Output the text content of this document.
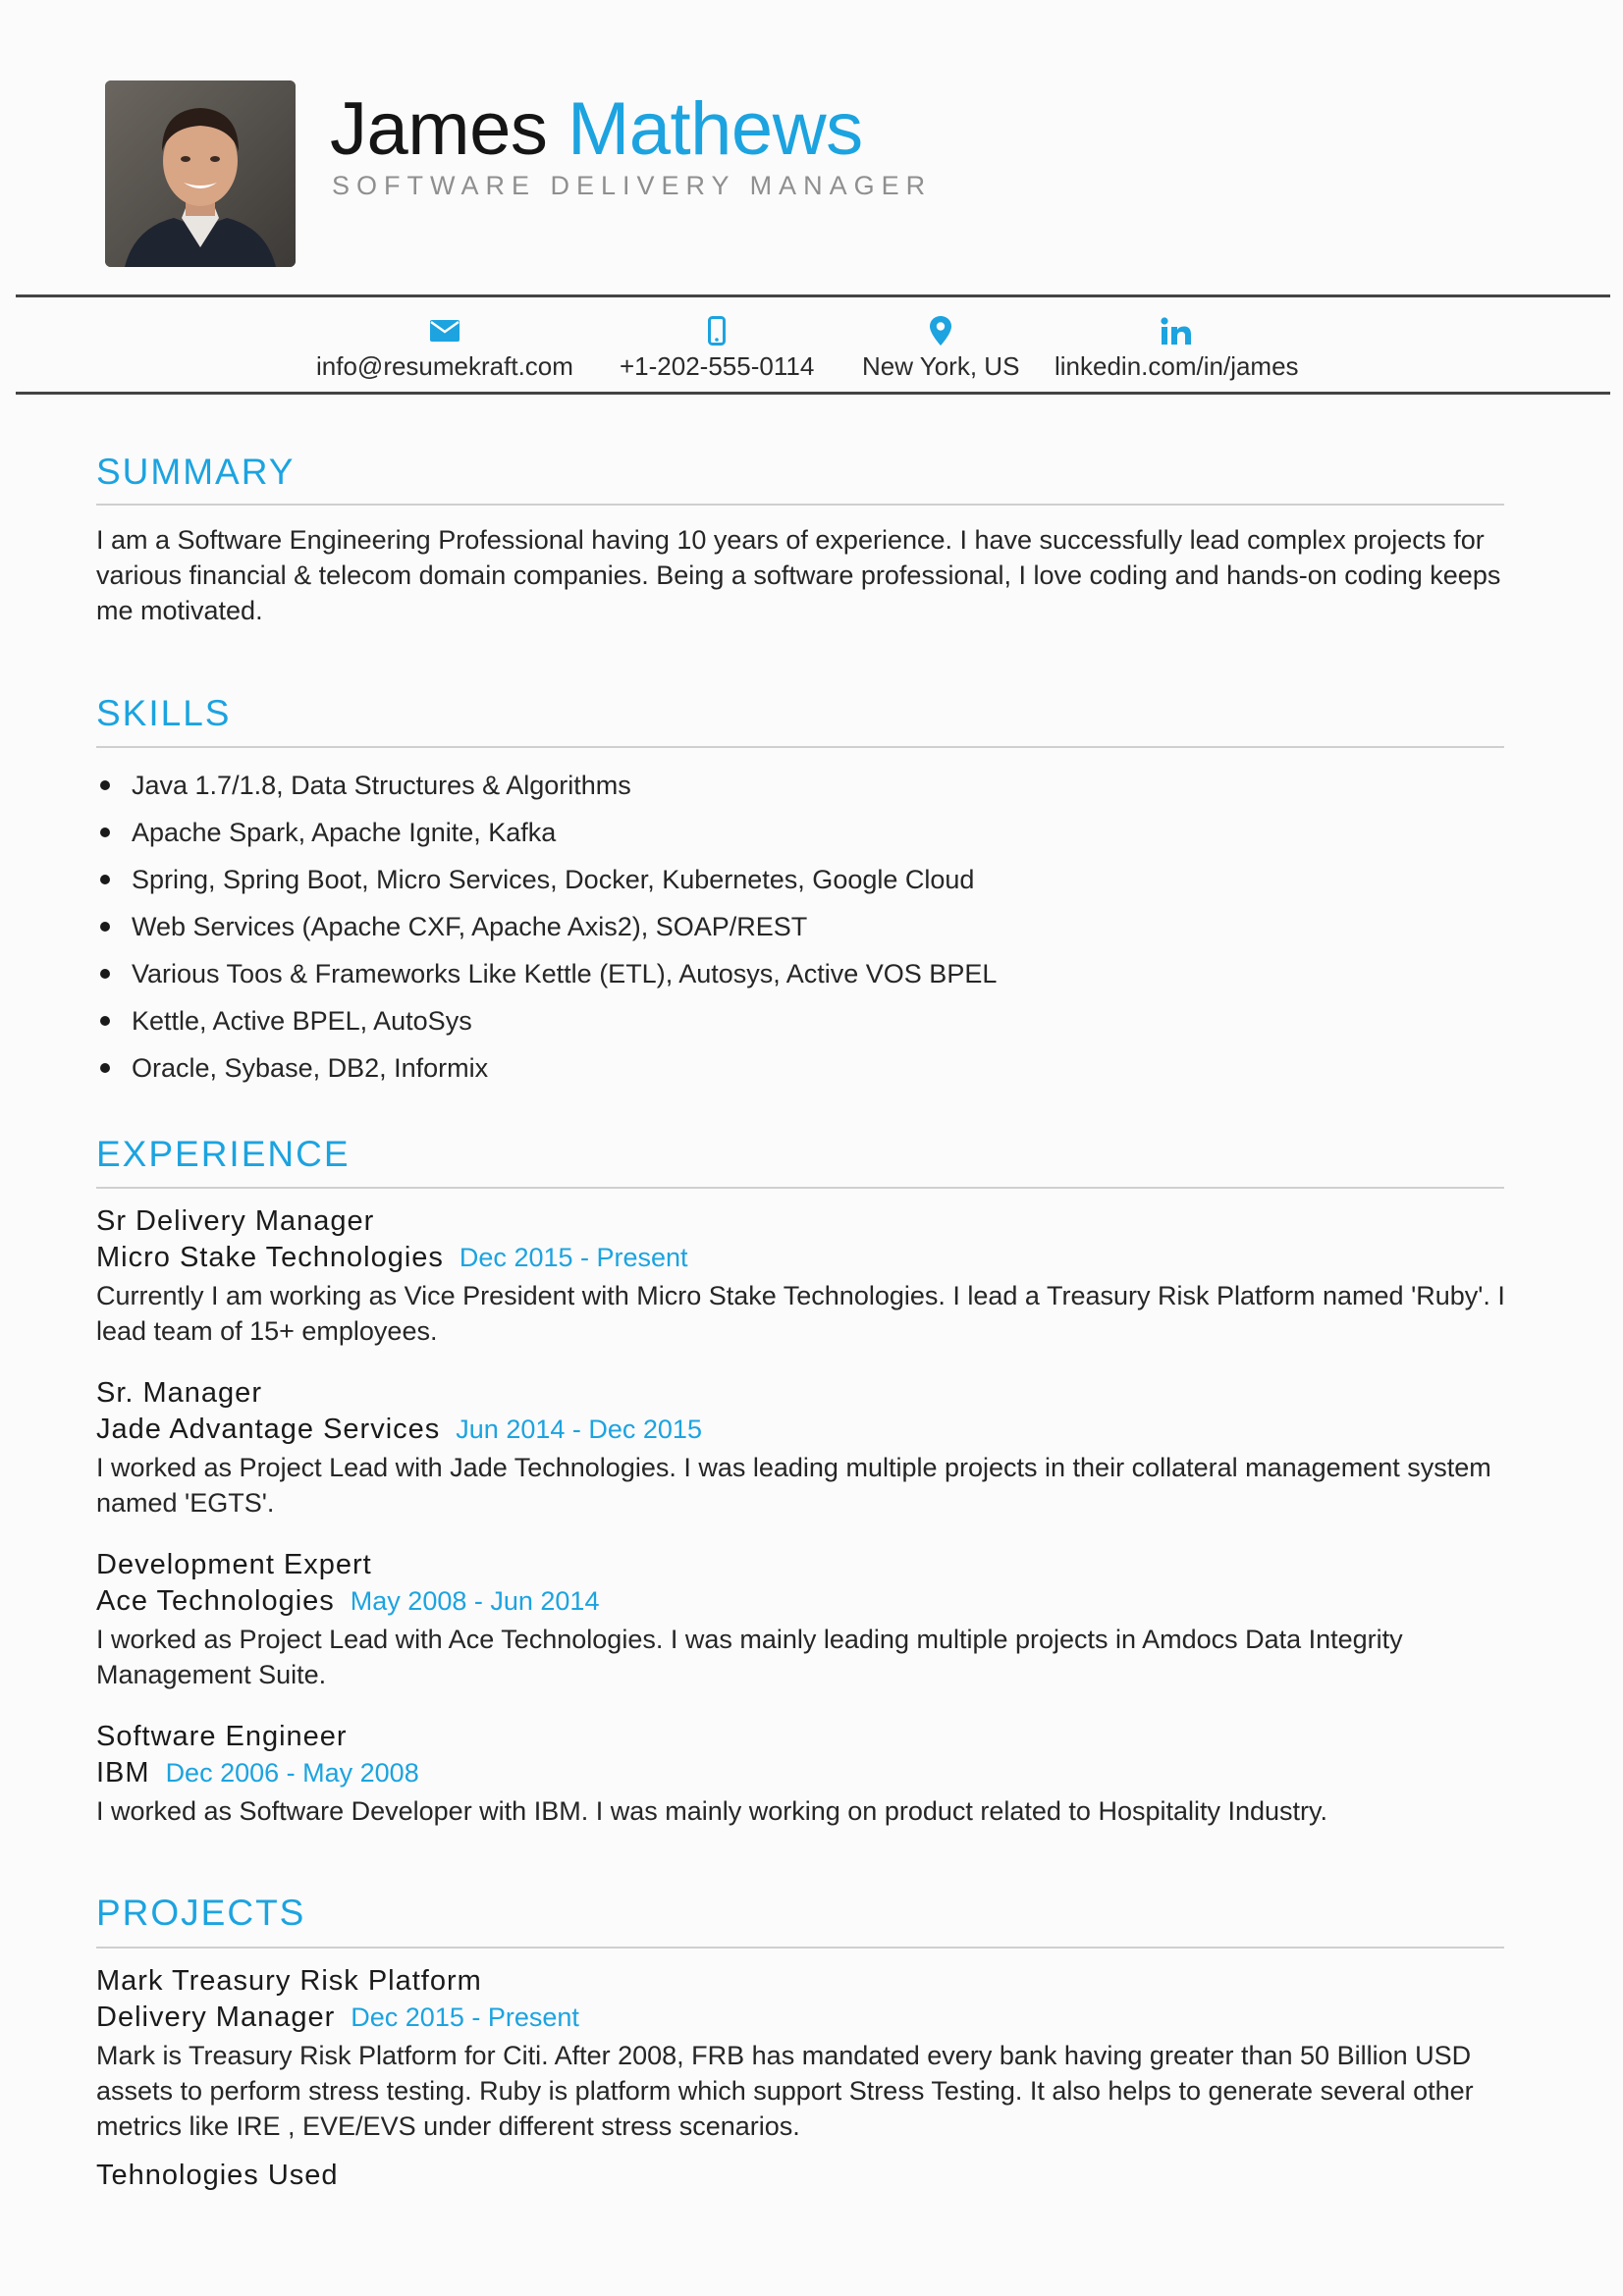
James Mathews
SOFTWARE DELIVERY MANAGER
info@resumekraft.com +1-202-555-0114 New York, US linkedin.com/in/james
SUMMARY

I am a Software Engineering Professional having 10 years of experience. I have successfully lead complex projects for various financial & telecom domain companies. Being a software professional, I love coding and hands-on coding keeps me motivated.

SKILLS
Java 1.7/1.8, Data Structures & Algorithms
Apache Spark, Apache Ignite, Kafka
Spring, Spring Boot, Micro Services, Docker, Kubernetes, Google Cloud
Web Services (Apache CXF, Apache Axis2), SOAP/REST
Various Toos & Frameworks Like Kettle (ETL), Autosys, Active VOS BPEL
Kettle, Active BPEL, AutoSys
Oracle, Sybase, DB2, Informix
EXPERIENCE
Sr Delivery Manager
Micro Stake Technologies Dec 2015 - Present
Currently I am working as Vice President with Micro Stake Technologies. I lead a Treasury Risk Platform named 'Ruby'. I lead team of 15+ employees.
Sr. Manager
Jade Advantage Services Jun 2014 - Dec 2015
I worked as Project Lead with Jade Technologies. I was leading multiple projects in their collateral management system named 'EGTS'.
Development Expert
Ace Technologies May 2008 - Jun 2014
I worked as Project Lead with Ace Technologies. I was mainly leading multiple projects in Amdocs Data Integrity Management Suite.
Software Engineer
IBM Dec 2006 - May 2008
I worked as Software Developer with IBM. I was mainly working on product related to Hospitality Industry.
PROJECTS
Mark Treasury Risk Platform
Delivery Manager Dec 2015 - Present
Mark is Treasury Risk Platform for Citi. After 2008, FRB has mandated every bank having greater than 50 Billion USD assets to perform stress testing. Ruby is platform which support Stress Testing. It also helps to generate several other metrics like IRE , EVE/EVS under different stress scenarios.
Tehnologies Used
